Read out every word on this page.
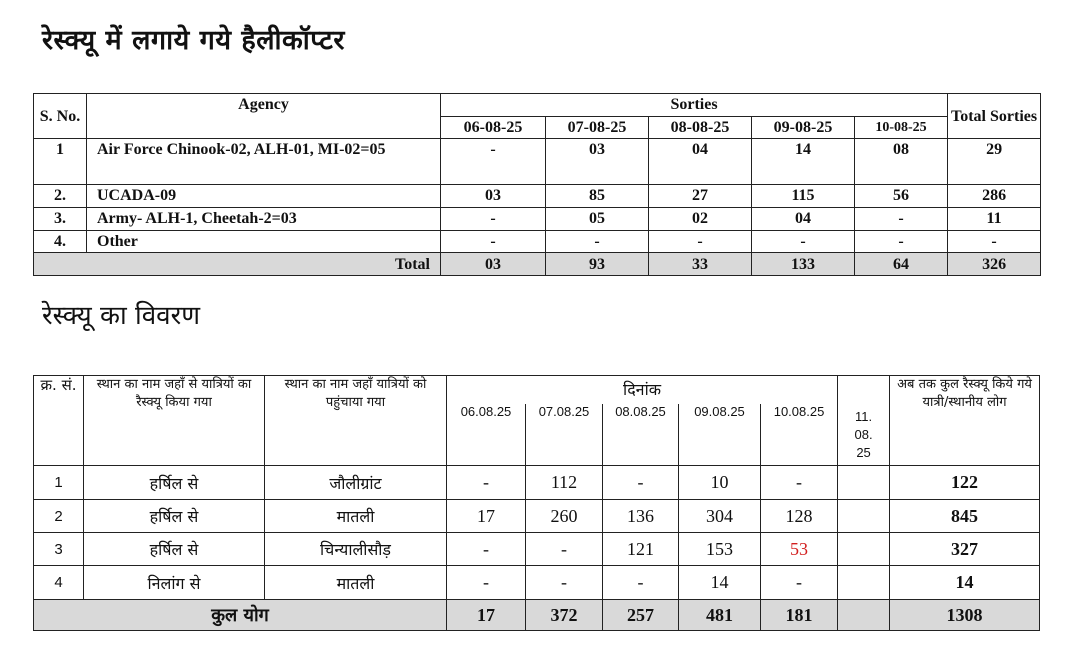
रेस्क्यू में लगाये गये हैलीकॉप्टर
S. No.	Agency	Sorties					Total Sorties
		06-08-25	07-08-25	08-08-25	09-08-25	10-08-25	
1	Air Force Chinook-02, ALH-01, MI-02=05	-	03	04	14	08	29
2.	UCADA-09	03	85	27	115	56	286
3.	Army- ALH-1, Cheetah-2=03	-	05	02	04	-	11
4.	Other	-	-	-	-	-	-
Total		03	93	33	133	64	326
रेस्क्यू का विवरण
क्र. सं.	स्थान का नाम जहाँ से यात्रियों का रैस्क्यू किया गया	स्थान का नाम जहाँ यात्रियों को पहुंचाया गया	दिनांक					11.
08.
25	अब तक कुल रैस्क्यू किये गये यात्री/स्थानीय लोग
			06.08.25	07.08.25	08.08.25	09.08.25	10.08.25		
1	हर्षिल से	जौलीग्रांट	-	112	-	10	-		122
2	हर्षिल से	मातली	17	260	136	304	128		845
3	हर्षिल से	चिन्यालीसौड़	-	-	121	153	53		327
4	निलांग से	मातली	-	-	-	14	-		14
कुल योग			17	372	257	481	181		1308
